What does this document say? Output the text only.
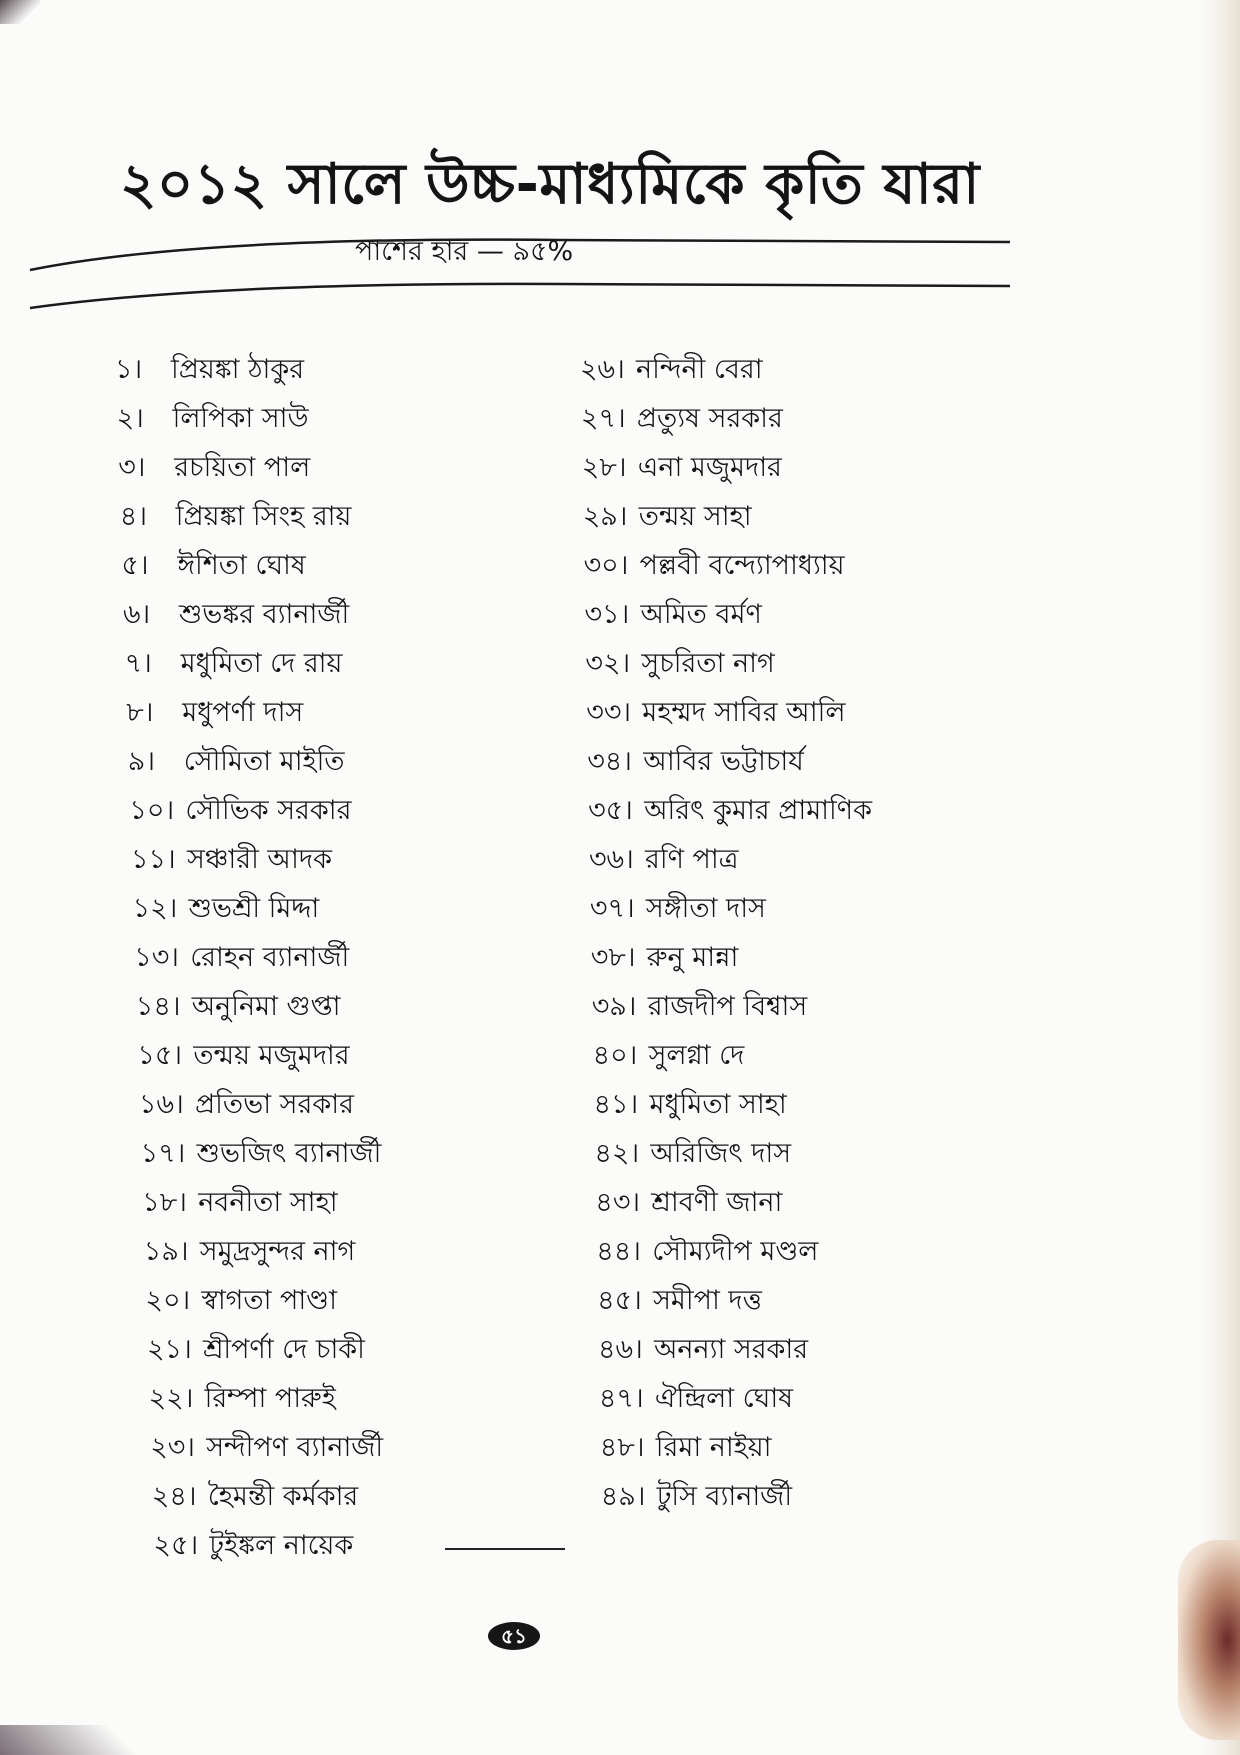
২০১২ সালে উচ্চ-মাধ্যমিকে কৃতি যারা
পাশের হার — ৯৫%
১। প্রিয়ঙ্কা ঠাকুর
২। লিপিকা সাউ
৩। রচয়িতা পাল
৪। প্রিয়ঙ্কা সিংহ রায়
৫। ঈশিতা ঘোষ
৬। শুভঙ্কর ব্যানার্জী
৭। মধুমিতা দে রায়
৮। মধুপর্ণা দাস
৯। সৌমিতা মাইতি
১০। সৌভিক সরকার
১১। সঞ্চারী আদক
১২। শুভশ্রী মিদ্দা
১৩। রোহন ব্যানার্জী
১৪। অনুনিমা গুপ্তা
১৫। তন্ময় মজুমদার
১৬। প্রতিভা সরকার
১৭। শুভজিৎ ব্যানার্জী
১৮। নবনীতা সাহা
১৯। সমুদ্রসুন্দর নাগ
২০। স্বাগতা পাণ্ডা
২১। শ্রীপর্ণা দে চাকী
২২। রিম্পা পারুই
২৩। সন্দীপণ ব্যানার্জী
২৪। হৈমন্তী কর্মকার
২৫। টুইঙ্কল নায়েক
২৬। নন্দিনী বেরা
২৭। প্রত্যুষ সরকার
২৮। এনা মজুমদার
২৯। তন্ময় সাহা
৩০। পল্লবী বন্দ্যোপাধ্যায়
৩১। অমিত বর্মণ
৩২। সুচরিতা নাগ
৩৩। মহম্মদ সাবির আলি
৩৪। আবির ভট্টাচার্য
৩৫। অরিৎ কুমার প্রামাণিক
৩৬। রণি পাত্র
৩৭। সঙ্গীতা দাস
৩৮। রুনু মান্না
৩৯। রাজদীপ বিশ্বাস
৪০। সুলগ্না দে
৪১। মধুমিতা সাহা
৪২। অরিজিৎ দাস
৪৩। শ্রাবণী জানা
৪৪। সৌম্যদীপ মণ্ডল
৪৫। সমীপা দত্ত
৪৬। অনন্যা সরকার
৪৭। ঐন্দ্রিলা ঘোষ
৪৮। রিমা নাইয়া
৪৯। টুসি ব্যানার্জী
৫১
